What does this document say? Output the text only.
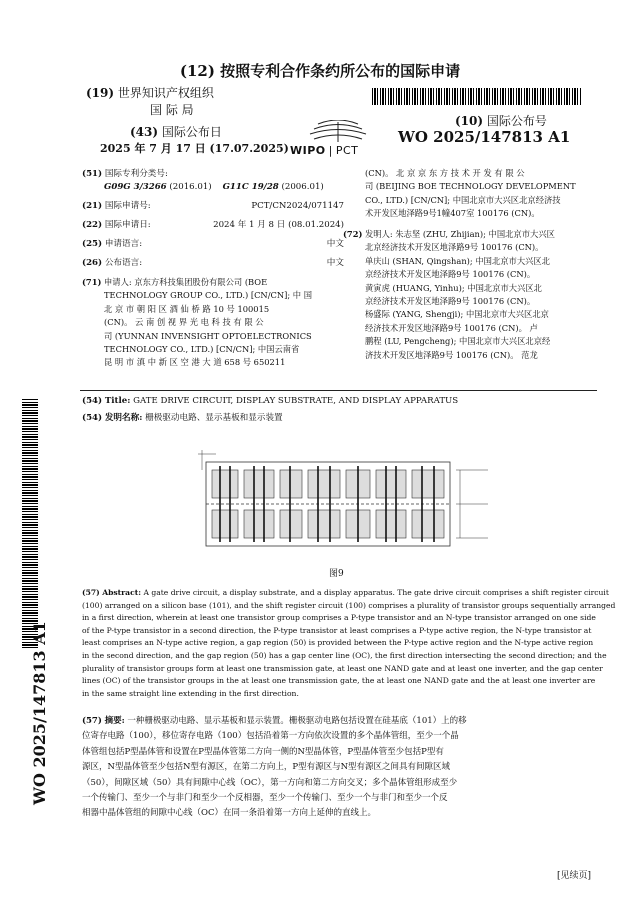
(12) 按照专利合作条约所公布的国际申请
(19) 世界知识产权组织
国 际 局
(43) 国际公布日
2025 年 7 月 17 日 (17.07.2025) WIPO | PCT
(10) 国际公布号
WO 2025/147813 A1
(51) 国际专利分类号:
G09G 3/3266 (2016.01) G11C 19/28 (2006.01)
(21) 国际申请号:	PCT/CN2024/071147
(22) 国际申请日:	2024 年 1 月 8 日 (08.01.2024)
(25) 申请语言:	中文
(26) 公布语言:	中文
(71) 申请人: 京东方科技集团股份有限公司 (BOE
TECHNOLOGY GROUP CO., LTD.) [CN/CN]; 中 国
北 京 市 朝 阳 区 酒 仙 桥 路 10 号 100015
(CN)。 云 南 创 视 界 光 电 科 技 有 限 公
司 (YUNNAN INVENSIGHT OPTOELECTRONICS
TECHNOLOGY CO., LTD.) [CN/CN]; 中国云南省
昆 明 市 滇 中 新 区 空 港 大 道 658 号 650211
(CN)。 北 京 京 东 方 技 术 开 发 有 限 公
司 (BEIJING BOE TECHNOLOGY DEVELOPMENT
CO., LTD.) [CN/CN]; 中国北京市大兴区北京经济技
术开发区地泽路9号1幢407室 100176 (CN)。
(72) 发明人: 朱志坚 (ZHU, Zhijian); 中国北京市大兴区
北京经济技术开发区地泽路9号 100176 (CN)。
单庆山 (SHAN, Qingshan); 中国北京市大兴区北
京经济技术开发区地泽路9号 100176 (CN)。
黄寅虎 (HUANG, Yinhu); 中国北京市大兴区北
京经济技术开发区地泽路9号 100176 (CN)。
杨盛际 (YANG, Shengji); 中国北京市大兴区北京
经济技术开发区地泽路9号 100176 (CN)。 卢
鹏程 (LU, Pengcheng); 中国北京市大兴区北京经
济技术开发区地泽路9号 100176 (CN)。 范龙
(54) Title: GATE DRIVE CIRCUIT, DISPLAY SUBSTRATE, AND DISPLAY APPARATUS
(54) 发明名称: 栅极驱动电路、显示基板和显示装置
WO 2025/147813 A1
图9
(57) Abstract: A gate drive circuit, a display substrate, and a display apparatus. The gate drive circuit comprises a shift register circuit
(100) arranged on a silicon base (101), and the shift register circuit (100) comprises a plurality of transistor groups sequentially arranged
in a first direction, wherein at least one transistor group comprises a P-type transistor and an N-type transistor arranged on one side
of the P-type transistor in a second direction, the P-type transistor at least comprises a P-type active region, the N-type transistor at
least comprises an N-type active region, a gap region (50) is provided between the P-type active region and the N-type active region
in the second direction, and the gap region (50) has a gap center line (OC), the first direction intersecting the second direction; and the
plurality of transistor groups form at least one transmission gate, at least one NAND gate and at least one inverter, and the gap center
lines (OC) of the transistor groups in the at least one transmission gate, the at least one NAND gate and the at least one inverter are
in the same straight line extending in the first direction.
(57) 摘要: 一种栅极驱动电路、显示基板和显示装置。栅极驱动电路包括设置在硅基底（101）上的移
位寄存电路（100），移位寄存电路（100）包括沿着第一方向依次设置的多个晶体管组，至少一个晶
体管组包括P型晶体管和设置在P型晶体管第二方向一侧的N型晶体管，P型晶体管至少包括P型有
源区，N型晶体管至少包括N型有源区，在第二方向上，P型有源区与N型有源区之间具有间隙区域
（50），间隙区域（50）具有间隙中心线（OC），第一方向和第二方向交叉；多个晶体管组形成至少
一个传输门、至少一个与非门和至少一个反相器，至少一个传输门、至少一个与非门和至少一个反
相器中晶体管组的间隙中心线（OC）在同一条沿着第一方向上延伸的直线上。
[见续页]
